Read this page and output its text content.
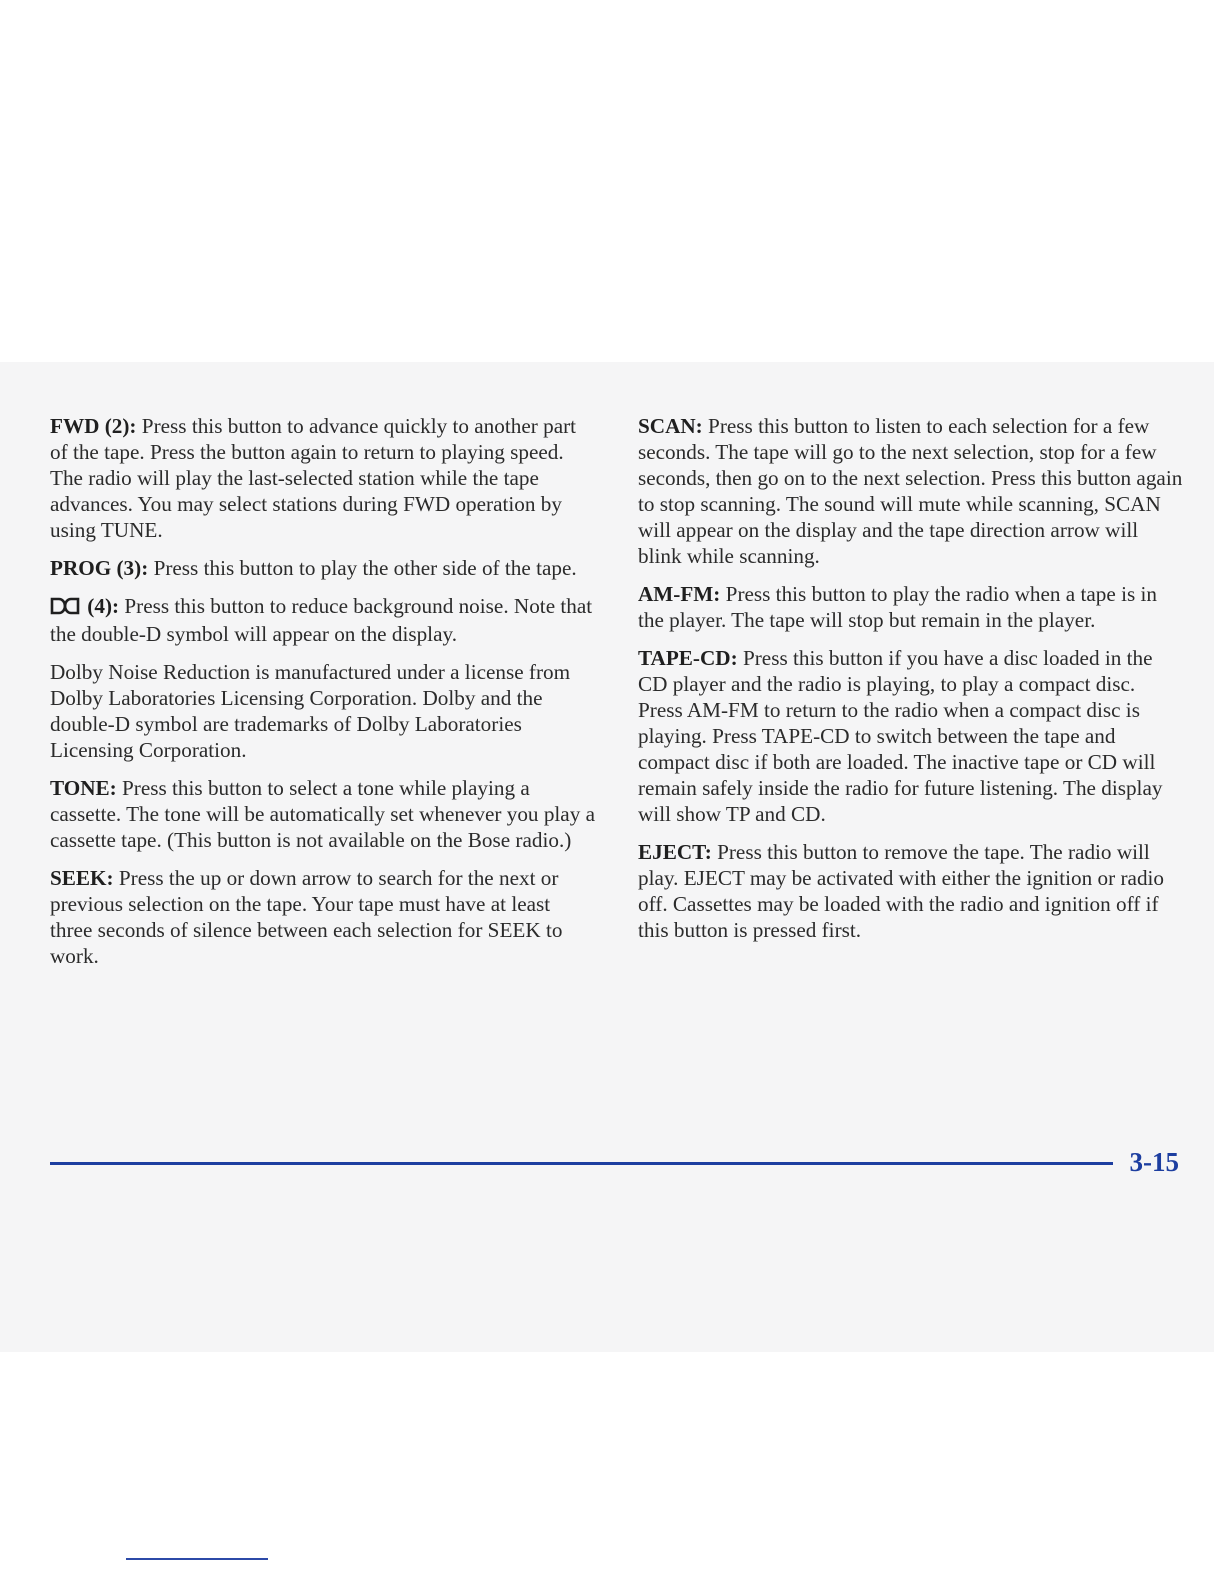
FWD (2): Press this button to advance quickly to another part of the tape. Press the button again to return to playing speed. The radio will play the last-selected station while the tape advances. You may select stations during FWD operation by using TUNE.

PROG (3): Press this button to play the other side of the tape.

(4): Press this button to reduce background noise. Note that the double-D symbol will appear on the display.

Dolby Noise Reduction is manufactured under a license from Dolby Laboratories Licensing Corporation. Dolby and the double-D symbol are trademarks of Dolby Laboratories Licensing Corporation.

TONE: Press this button to select a tone while playing a cassette. The tone will be automatically set whenever you play a cassette tape. (This button is not available on the Bose radio.)

SEEK: Press the up or down arrow to search for the next or previous selection on the tape. Your tape must have at least three seconds of silence between each selection for SEEK to work.

SCAN: Press this button to listen to each selection for a few seconds. The tape will go to the next selection, stop for a few seconds, then go on to the next selection. Press this button again to stop scanning. The sound will mute while scanning, SCAN will appear on the display and the tape direction arrow will blink while scanning.

AM-FM: Press this button to play the radio when a tape is in the player. The tape will stop but remain in the player.

TAPE-CD: Press this button if you have a disc loaded in the CD player and the radio is playing, to play a compact disc. Press AM-FM to return to the radio when a compact disc is playing. Press TAPE-CD to switch between the tape and compact disc if both are loaded. The inactive tape or CD will remain safely inside the radio for future listening. The display will show TP and CD.

EJECT: Press this button to remove the tape. The radio will play. EJECT may be activated with either the ignition or radio off. Cassettes may be loaded with the radio and ignition off if this button is pressed first.

3-15
